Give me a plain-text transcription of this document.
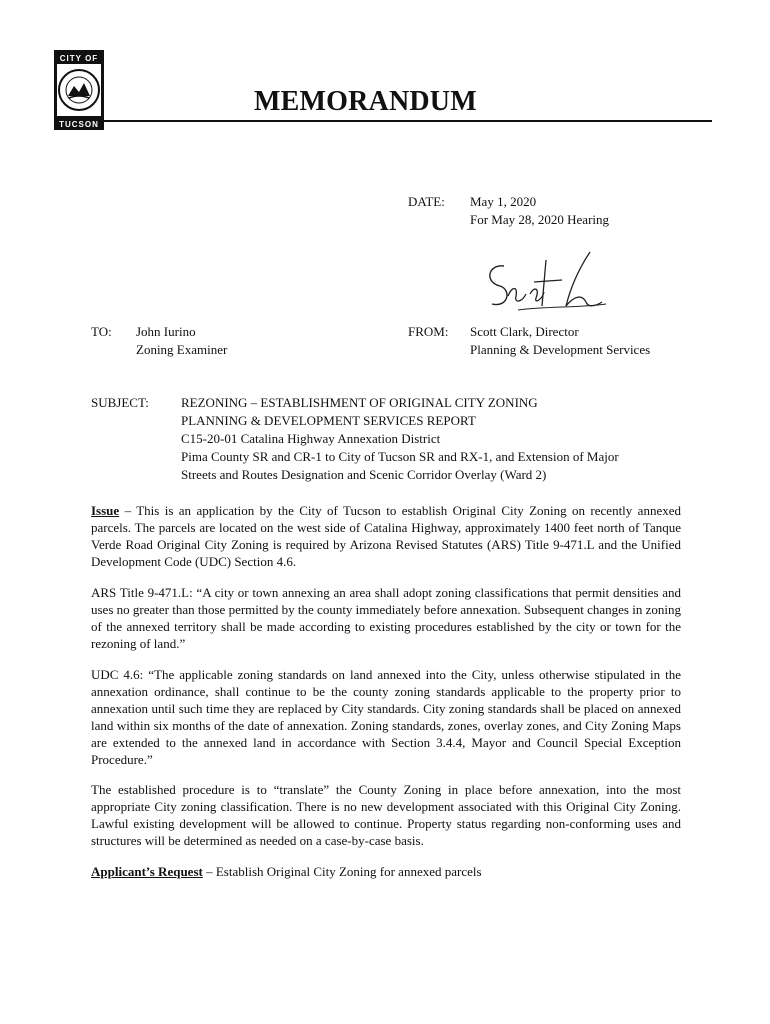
CITY OF
TUCSON
MEMORANDUM
DATE: May 1, 2020
For May 28, 2020 Hearing
TO: John Iurino
Zoning Examiner
FROM: Scott Clark, Director
Planning & Development Services
SUBJECT: REZONING – ESTABLISHMENT OF ORIGINAL CITY ZONING
PLANNING & DEVELOPMENT SERVICES REPORT
C15-20-01 Catalina Highway Annexation District
Pima County SR and CR-1 to City of Tucson SR and RX-1, and Extension of Major
Streets and Routes Designation and Scenic Corridor Overlay (Ward 2)

Issue – This is an application by the City of Tucson to establish Original City Zoning on recently annexed parcels. The parcels are located on the west side of Catalina Highway, approximately 1400 feet north of Tanque Verde Road Original City Zoning is required by Arizona Revised Statutes (ARS) Title 9-471.L and the Unified Development Code (UDC) Section 4.6.

ARS Title 9-471.L: “A city or town annexing an area shall adopt zoning classifications that permit densities and uses no greater than those permitted by the county immediately before annexation. Subsequent changes in zoning of the annexed territory shall be made according to existing procedures established by the city or town for the rezoning of land.”

UDC 4.6: “The applicable zoning standards on land annexed into the City, unless otherwise stipulated in the annexation ordinance, shall continue to be the county zoning standards applicable to the property prior to annexation until such time they are replaced by City standards. City zoning standards shall be placed on annexed land within six months of the date of annexation. Zoning standards, zones, overlay zones, and City Zoning Maps are extended to the annexed land in accordance with Section 3.4.4, Mayor and Council Special Exception Procedure.”

The established procedure is to “translate” the County Zoning in place before annexation, into the most appropriate City zoning classification. There is no new development associated with this Original City Zoning. Lawful existing development will be allowed to continue. Property status regarding non-conforming uses and structures will be determined as needed on a case-by-case basis.

Applicant’s Request – Establish Original City Zoning for annexed parcels
